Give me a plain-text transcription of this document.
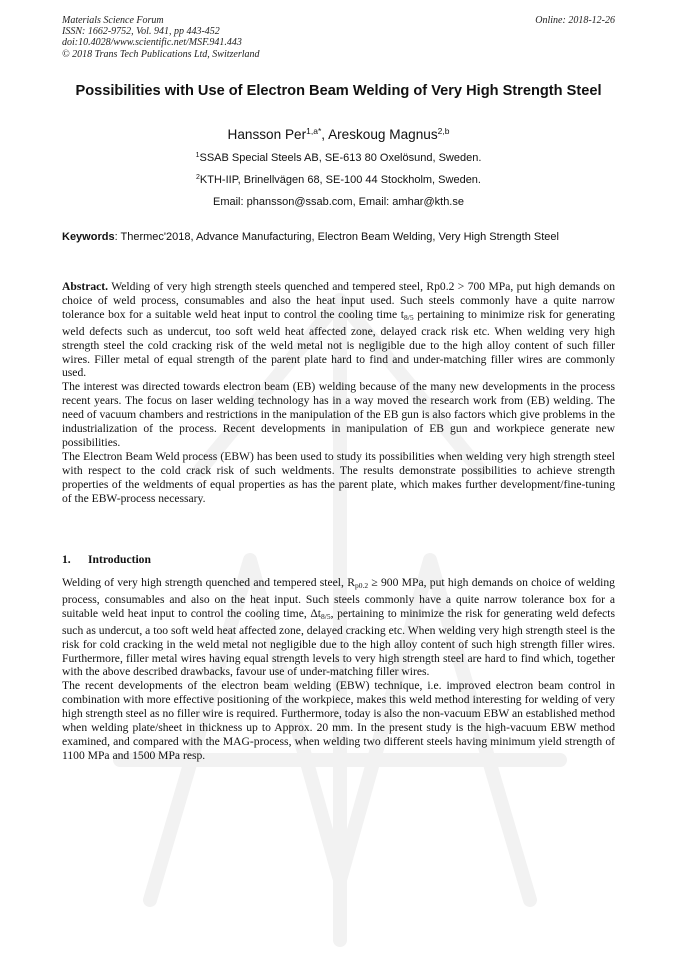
Materials Science Forum
ISSN: 1662-9752, Vol. 941, pp 443-452
doi:10.4028/www.scientific.net/MSF.941.443
© 2018 Trans Tech Publications Ltd, Switzerland
Online: 2018-12-26
Possibilities with Use of Electron Beam Welding of Very High Strength Steel
Hansson Per$^{1,a*}$, Areskoug Magnus$^{2,b}$
$^1$SSAB Special Steels AB, SE-613 80 Oxelösund, Sweden.
$^2$KTH-IIP, Brinellvägen 68, SE-100 44 Stockholm, Sweden.
Email: phansson@ssab.com, Email: amhar@kth.se
Keywords: Thermec'2018, Advance Manufacturing, Electron Beam Welding, Very High Strength Steel
Abstract. Welding of very high strength steels quenched and tempered steel, Rp0.2 > 700 MPa, put high demands on choice of weld process, consumables and also the heat input used. Such steels commonly have a quite narrow tolerance box for a suitable weld heat input to control the cooling time $t_{8/5}$ pertaining to minimize risk for generating weld defects such as undercut, too soft weld heat affected zone, delayed crack risk etc. When welding very high strength steel the cold cracking risk of the weld metal not is negligible due to the high alloy content of such filler wires. Filler metal of equal strength of the parent plate hard to find and under-matching filler wires are commonly used.
The interest was directed towards electron beam (EB) welding because of the many new developments in the process recent years. The focus on laser welding technology has in a way moved the research work from (EB) welding. The need of vacuum chambers and restrictions in the manipulation of the EB gun is also factors which give problems in the industrialization of the process. Recent developments in manipulation of EB gun and workpiece generate new possibilities.
The Electron Beam Weld process (EBW) has been used to study its possibilities when welding very high strength steel with respect to the cold crack risk of such weldments. The results demonstrate possibilities to achieve strength properties of the weldments of equal properties as has the parent plate, which makes further development/fine-tuning of the EBW-process necessary.
1. Introduction
Welding of very high strength quenched and tempered steel, $R_{p0.2} \ge 900$ MPa, put high demands on choice of welding process, consumables and also on the heat input. Such steels commonly have a quite narrow tolerance box for a suitable weld heat input to control the cooling time, $\Delta t_{8/5}$, pertaining to minimize the risk for generating weld defects such as undercut, a too soft weld heat affected zone, delayed cracking etc. When welding very high strength steel is the risk for cold cracking in the weld metal not negligible due to the high alloy content of such high strength filler wires. Furthermore, filler metal wires having equal strength levels to very high strength steel are hard to find which, together with the above described drawbacks, favour use of under-matching filler wires.
The recent developments of the electron beam welding (EBW) technique, i.e. improved electron beam control in combination with more effective positioning of the workpiece, makes this weld method interesting for welding of very high strength steel as no filler wire is required. Furthermore, today is also the non-vacuum EBW an established method when welding plate/sheet in thickness up to Approx. 20 mm. In the present study is the high-vacuum EBW method examined, and compared with the MAG-process, when welding two different steels having minimum yield strength of 1100 MPa and 1500 MPa resp.
